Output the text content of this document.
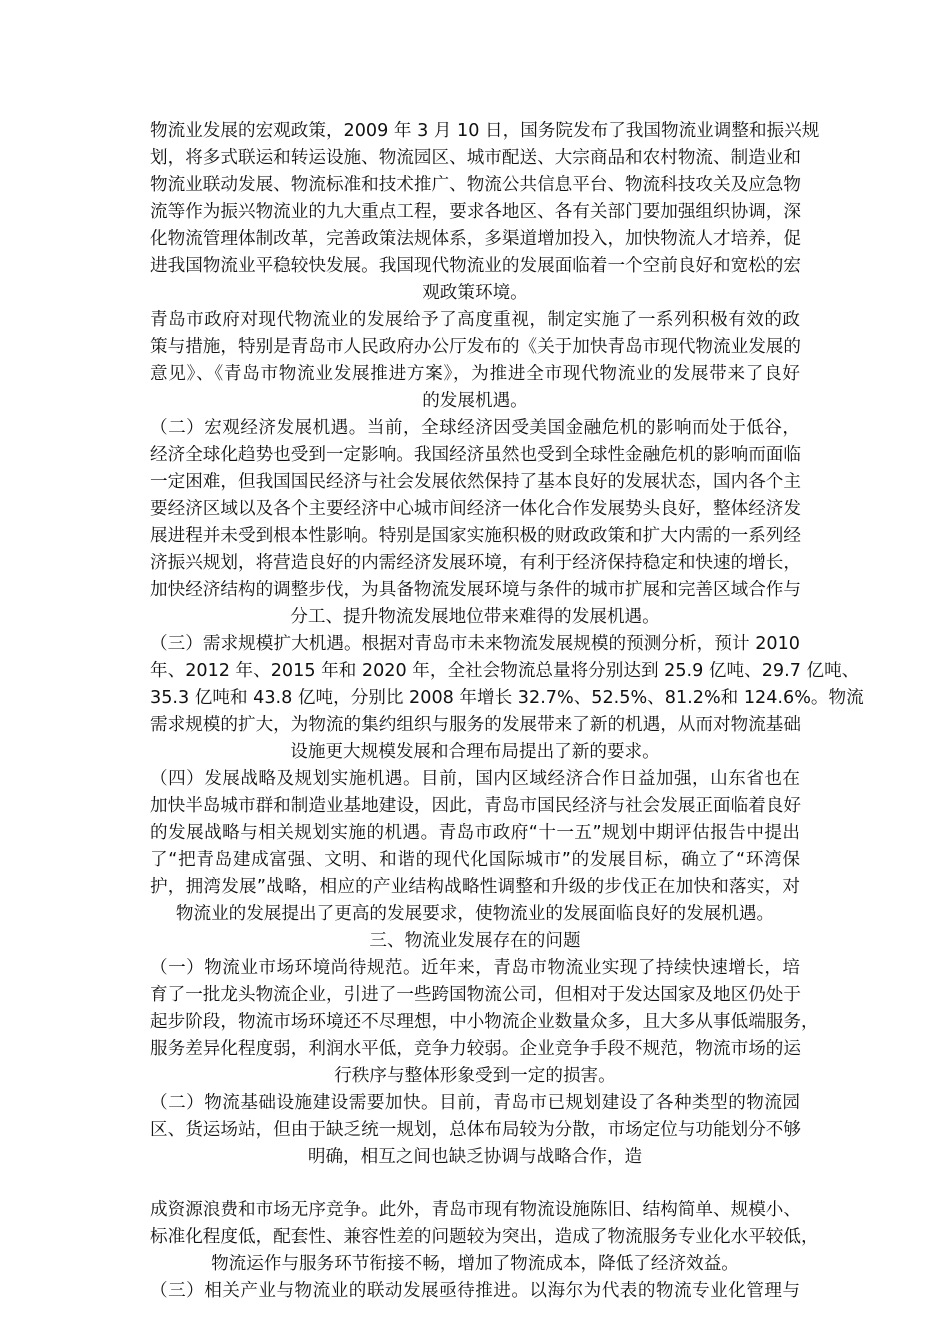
物流业发展的宏观政策，2009 年 3 月 10 日，国务院发布了我国物流业调整和振兴规
划，将多式联运和转运设施、物流园区、城市配送、大宗商品和农村物流、制造业和
物流业联动发展、物流标准和技术推广、物流公共信息平台、物流科技攻关及应急物
流等作为振兴物流业的九大重点工程，要求各地区、各有关部门要加强组织协调，深
化物流管理体制改革，完善政策法规体系，多渠道增加投入，加快物流人才培养，促
进我国物流业平稳较快发展。我国现代物流业的发展面临着一个空前良好和宽松的宏
观政策环境。
青岛市政府对现代物流业的发展给予了高度重视，制定实施了一系列积极有效的政
策与措施，特别是青岛市人民政府办公厅发布的《关于加快青岛市现代物流业发展的
意见》、《青岛市物流业发展推进方案》，为推进全市现代物流业的发展带来了良好
的发展机遇。
（二）宏观经济发展机遇。当前，全球经济因受美国金融危机的影响而处于低谷，
经济全球化趋势也受到一定影响。我国经济虽然也受到全球性金融危机的影响而面临
一定困难，但我国国民经济与社会发展依然保持了基本良好的发展状态，国内各个主
要经济区域以及各个主要经济中心城市间经济一体化合作发展势头良好，整体经济发
展进程并未受到根本性影响。特别是国家实施积极的财政政策和扩大内需的一系列经
济振兴规划，将营造良好的内需经济发展环境，有利于经济保持稳定和快速的增长，
加快经济结构的调整步伐，为具备物流发展环境与条件的城市扩展和完善区域合作与
分工、提升物流发展地位带来难得的发展机遇。
（三）需求规模扩大机遇。根据对青岛市未来物流发展规模的预测分析，预计 2010
年、2012 年、2015 年和 2020 年，全社会物流总量将分别达到 25.9 亿吨、29.7 亿吨、
35.3 亿吨和 43.8 亿吨，分别比 2008 年增长 32.7%、52.5%、81.2%和 124.6%。物流
需求规模的扩大，为物流的集约组织与服务的发展带来了新的机遇，从而对物流基础
设施更大规模发展和合理布局提出了新的要求。
（四）发展战略及规划实施机遇。目前，国内区域经济合作日益加强，山东省也在
加快半岛城市群和制造业基地建设，因此，青岛市国民经济与社会发展正面临着良好
的发展战略与相关规划实施的机遇。青岛市政府“十一五”规划中期评估报告中提出
了“把青岛建成富强、文明、和谐的现代化国际城市”的发展目标，确立了“环湾保
护，拥湾发展”战略，相应的产业结构战略性调整和升级的步伐正在加快和落实，对
物流业的发展提出了更高的发展要求，使物流业的发展面临良好的发展机遇。
三、物流业发展存在的问题
（一）物流业市场环境尚待规范。近年来，青岛市物流业实现了持续快速增长，培
育了一批龙头物流企业，引进了一些跨国物流公司，但相对于发达国家及地区仍处于
起步阶段，物流市场环境还不尽理想，中小物流企业数量众多，且大多从事低端服务，
服务差异化程度弱，利润水平低，竞争力较弱。企业竞争手段不规范，物流市场的运
行秩序与整体形象受到一定的损害。
（二）物流基础设施建设需要加快。目前，青岛市已规划建设了各种类型的物流园
区、货运场站，但由于缺乏统一规划，总体布局较为分散，市场定位与功能划分不够
明确，相互之间也缺乏协调与战略合作，造
成资源浪费和市场无序竞争。此外，青岛市现有物流设施陈旧、结构简单、规模小、
标准化程度低，配套性、兼容性差的问题较为突出，造成了物流服务专业化水平较低，
物流运作与服务环节衔接不畅，增加了物流成本，降低了经济效益。
（三）相关产业与物流业的联动发展亟待推进。以海尔为代表的物流专业化管理与
